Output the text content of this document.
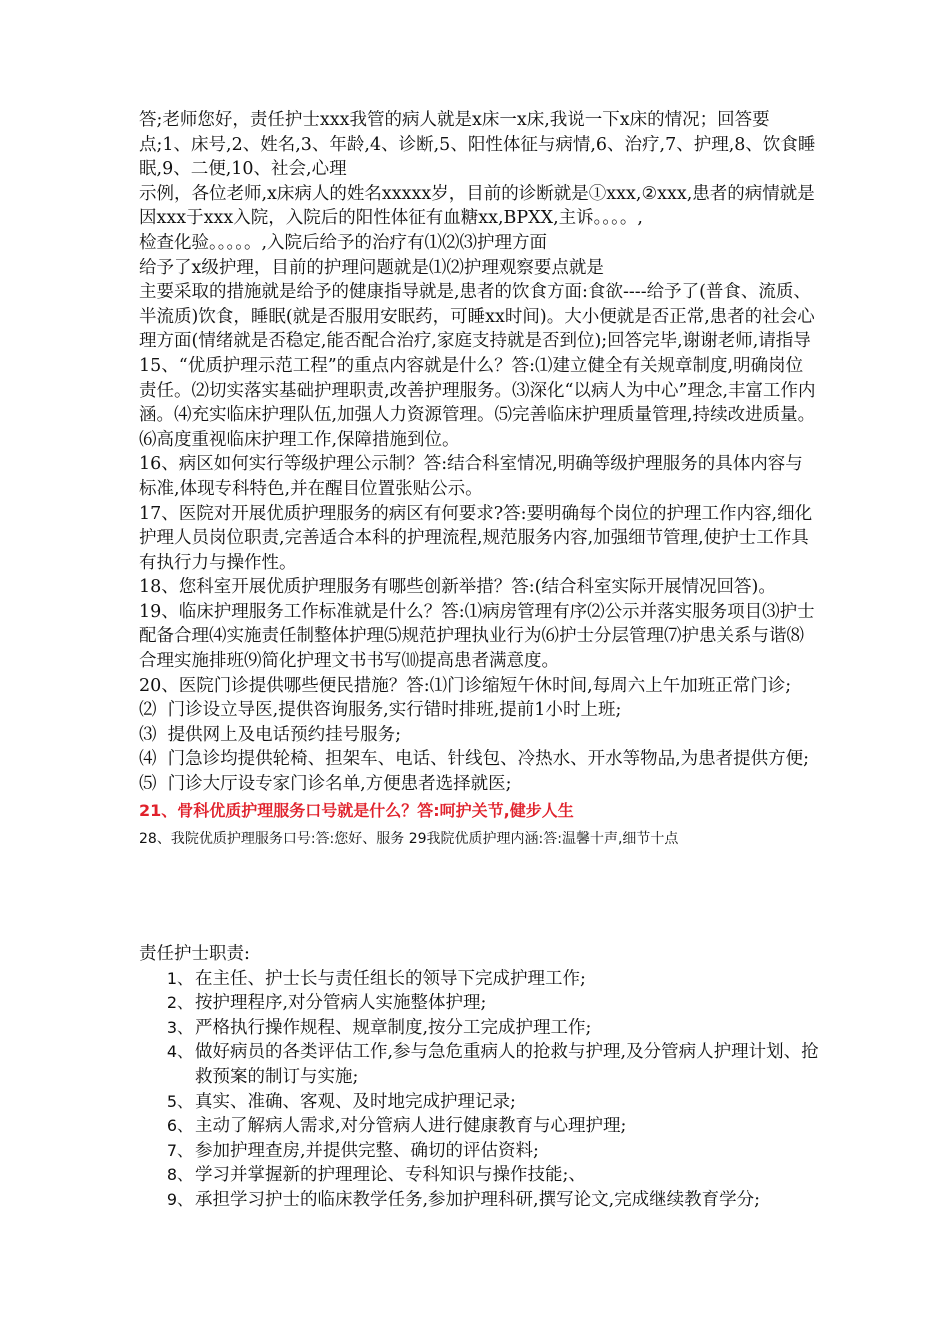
答;老师您好，责任护士xxx我管的病人就是x床一x床,我说一下x床的情况；回答要点;1、床号,2、姓名,3、年龄,4、诊断,5、阳性体征与病情,6、治疗,7、护理,8、饮食睡眠,9、二便,10、社会,心理

示例，各位老师,x床病人的姓名xxxxx岁，目前的诊断就是①xxx,②xxx,患者的病情就是因xxx于xxx入院，入院后的阳性体征有血糖xx,BPXX,主诉。。。。,

检查化验。。。。。,入院后给予的治疗有⑴⑵⑶护理方面

给予了x级护理，目前的护理问题就是⑴⑵护理观察要点就是

主要采取的措施就是给予的健康指导就是,患者的饮食方面:食欲----给予了(普食、流质、半流质)饮食，睡眠(就是否服用安眠药，可睡xx时间)。大小便就是否正常,患者的社会心理方面(情绪就是否稳定,能否配合治疗,家庭支持就是否到位);回答完毕,谢谢老师,请指导

15、“优质护理示范工程”的重点内容就是什么？答:⑴建立健全有关规章制度,明确岗位责任。⑵切实落实基础护理职责,改善护理服务。⑶深化“以病人为中心”理念,丰富工作内涵。⑷充实临床护理队伍,加强人力资源管理。⑸完善临床护理质量管理,持续改进质量。⑹高度重视临床护理工作,保障措施到位。

16、病区如何实行等级护理公示制？答:结合科室情况,明确等级护理服务的具体内容与标准,体现专科特色,并在醒目位置张贴公示。

17、医院对开展优质护理服务的病区有何要求?答:要明确每个岗位的护理工作内容,细化护理人员岗位职责,完善适合本科的护理流程,规范服务内容,加强细节管理,使护士工作具有执行力与操作性。

18、您科室开展优质护理服务有哪些创新举措？答:(结合科室实际开展情况回答)。

19、临床护理服务工作标准就是什么？答:⑴病房管理有序⑵公示并落实服务项目⑶护士配备合理⑷实施责任制整体护理⑸规范护理执业行为⑹护士分层管理⑺护患关系与谐⑻合理实施排班⑼简化护理文书书写⑽提高患者满意度。

20、医院门诊提供哪些便民措施？答:⑴门诊缩短午休时间,每周六上午加班正常门诊;

⑵  门诊设立导医,提供咨询服务,实行错时排班,提前1小时上班;

⑶  提供网上及电话预约挂号服务;

⑷  门急诊均提供轮椅、担架车、电话、针线包、冷热水、开水等物品,为患者提供方便;

⑸  门诊大厅设专家门诊名单,方便患者选择就医;

21、骨科优质护理服务口号就是什么？答:呵护关节,健步人生

28、我院优质护理服务口号:答:您好、服务 29我院优质护理内涵:答:温馨十声,细节十点

责任护士职责:

1、 在主任、护士长与责任组长的领导下完成护理工作;
2、 按护理程序,对分管病人实施整体护理;
3、 严格执行操作规程、规章制度,按分工完成护理工作;
4、 做好病员的各类评估工作,参与急危重病人的抢救与护理,及分管病人护理计划、抢救预案的制订与实施;
5、 真实、准确、客观、及时地完成护理记录;
6、 主动了解病人需求,对分管病人进行健康教育与心理护理;
7、 参加护理查房,并提供完整、确切的评估资料;
8、 学习并掌握新的护理理论、专科知识与操作技能;、
9、 承担学习护士的临床教学任务,参加护理科研,撰写论文,完成继续教育学分;
